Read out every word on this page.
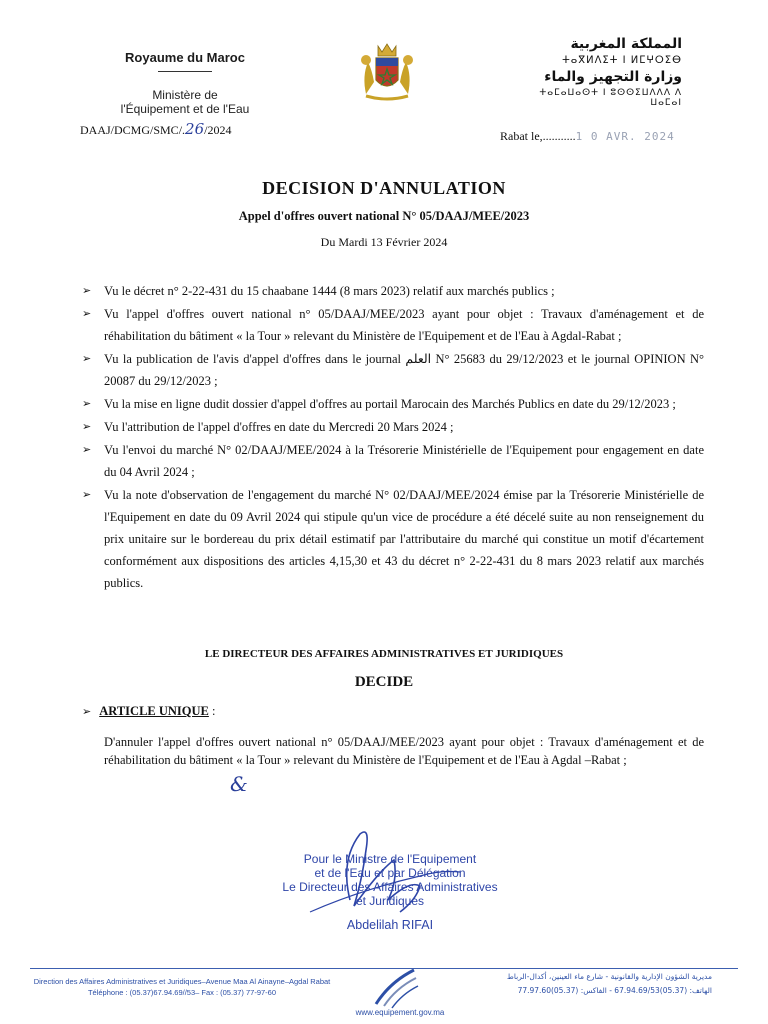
Royaume du Maroc
Ministère de
l'Équipement et de l'Eau
المملكة المغربية
ⵜⴰⴳⵍⴷⵉⵜ ⵏ ⵍⵎⵖⵔⵉⴱ
وزارة التجهيز والماء
ⵜⴰⵎⴰⵡⴰⵙⵜ ⵏ ⵓⵙⵙⵉⵡⴷⴷⴷ ⴷ ⵡⴰⵎⴰⵏ
DAAJ/DCMG/SMC/.26/2024	Rabat le,...........1 0 AVR. 2024
DECISION D'ANNULATION
Appel d'offres ouvert national N° 05/DAAJ/MEE/2023
Du Mardi 13 Février 2024
➢ Vu le décret n° 2-22-431 du 15 chaabane 1444 (8 mars 2023) relatif aux marchés publics ;
➢ Vu l'appel d'offres ouvert national n° 05/DAAJ/MEE/2023 ayant pour objet : Travaux d'aménagement et de réhabilitation du bâtiment « la Tour » relevant du Ministère de l'Equipement et de l'Eau à Agdal-Rabat ;
➢ Vu la publication de l'avis d'appel d'offres dans le journal العلم N° 25683 du 29/12/2023 et le journal OPINION N° 20087 du 29/12/2023 ;
➢ Vu la mise en ligne dudit dossier d'appel d'offres au portail Marocain des Marchés Publics en date du 29/12/2023 ;
➢ Vu l'attribution de l'appel d'offres en date du Mercredi 20 Mars 2024 ;
➢ Vu l'envoi du marché N° 02/DAAJ/MEE/2024 à la Trésorerie Ministérielle de l'Equipement pour engagement en date du 04 Avril 2024 ;
➢ Vu la note d'observation de l'engagement du marché N° 02/DAAJ/MEE/2024 émise par la Trésorerie Ministérielle de l'Equipement en date du 09 Avril 2024 qui stipule qu'un vice de procédure a été décelé suite au non renseignement du prix unitaire sur le bordereau du prix détail estimatif par l'attributaire du marché qui constitue un motif d'écartement conformément aux dispositions des articles 4,15,30 et 43 du décret n° 2-22-431 du 8 mars 2023 relatif aux marchés publics.
LE DIRECTEUR DES AFFAIRES ADMINISTRATIVES ET JURIDIQUES
DECIDE
➢ ARTICLE UNIQUE :
D'annuler l'appel d'offres ouvert national n° 05/DAAJ/MEE/2023 ayant pour objet : Travaux d'aménagement et de réhabilitation du bâtiment « la Tour » relevant du Ministère de l'Equipement et de l'Eau à Agdal –Rabat ;
&
Pour le Ministre de l'Equipement
et de l'Eau et par Délégation
Le Directeur des Affaires Administratives
et Juridiques
Abdelilah RIFAI
Direction des Affaires Administratives et Juridiques–Avenue Maa Al Ainayne–Agdal Rabat
Téléphone : (05.37)67.94.69//53– Fax : (05.37) 77-97-60
مديرية الشؤون الإدارية والقانونية - شارع ماء العينين، أكدال-الرباط
الهاتف: (05.37)67.94.69/53 - الفاكس: (05.37)77.97.60
www.equipement.gov.ma
